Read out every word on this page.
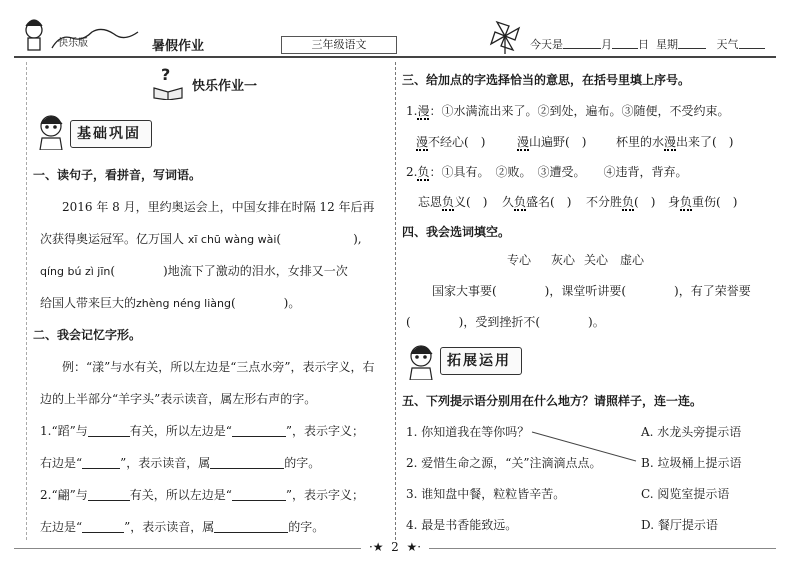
快乐版	暑假作业	三年级语文	今天是	月 日 星期	天气
?
快乐作业一
基础巩固
一、读句子，看拼音，写词语。
2016 年 8 月，里约奥运会上，中国女排在时隔 12 年后再
次获得奥运冠军。亿万国人 xī chū wàng wài(　　　　　　),
qíng bú zì jīn(　　　　)地流下了激动的泪水，女排又一次
给国人带来巨大的zhèng néng liàng(　　　　)。
二、我会记忆字形。
例：“漾”与水有关，所以左边是“三点水旁”，表示字义，右
边的上半部分“羊字头”表示读音，属左形右声的字。
1.“蹈”与	有关，所以左边是“	”，表示字义；
右边是“	”，表示读音，属	的字。
2.“翩”与	有关，所以左边是“	”，表示字义；
左边是“	”，表示读音，属	的字。
三、给加点的字选择恰当的意思，在括号里填上序号。
1.漫：①水满流出来了。②到处，遍布。③随便，不受约束。
漫不经心(　)	漫山遍野(　) 杯里的水漫出来了(　)
2.负：①具有。　②败。　③遭受。　　④违背，背弃。
忘恩负义(　) 久负盛名(　) 不分胜负(　) 身负重伤(　)
四、我会选词填空。
专心 灰心 关心 虚心
国家大事要(　　　　)，课堂听讲要(　　　　)，有了荣誉要
(　　　　)，受到挫折不(　　　　)。
拓展运用
五、下列提示语分别用在什么地方？请照样子，连一连。
1. 你知道我在等你吗？
2. 爱惜生命之源，“关”注滴滴点点。
3. 谁知盘中餐，粒粒皆辛苦。
4. 最是书香能致远。
A. 水龙头旁提示语
B. 垃圾桶上提示语
C. 阅览室提示语
D. 餐厅提示语
·★ 2 ★·
